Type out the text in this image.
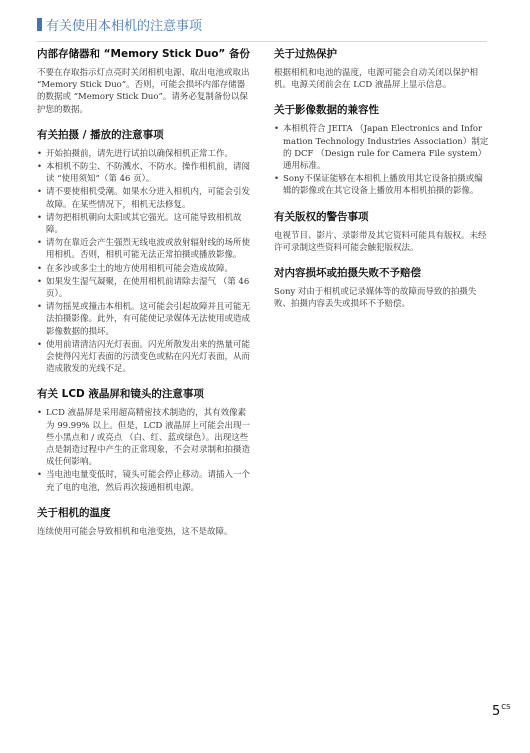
有关使用本相机的注意事项
内部存储器和 “Memory Stick Duo” 备份

不要在存取指示灯点亮时关闭相机电源、取出电池或取出 “Memory Stick Duo”。否则，可能会损坏内部存储器的数据或 “Memory Stick Duo”。请务必复制备份以保护您的数据。

有关拍摄 / 播放的注意事项
• 开始拍摄前，请先进行试拍以确保相机正常工作。
• 本相机不防尘、不防溅水、不防水。操作相机前，请阅读 “使用须知”（第 46 页）。
• 请不要使相机受潮。如果水分进入相机内，可能会引发故障。在某些情况下，相机无法修复。
• 请勿把相机朝向太阳或其它强光。这可能导致相机故障。
• 请勿在靠近会产生强烈无线电波或放射辐射线的场所使用相机。否则，相机可能无法正常拍摄或播放影像。
• 在多沙或多尘土的地方使用相机可能会造成故障。
• 如果发生湿气凝聚，在使用相机前请除去湿气 （第 46 页）。
• 请勿摇晃或撞击本相机。这可能会引起故障并且可能无法拍摄影像。此外，有可能使记录媒体无法使用或造成影像数据的损坏。
• 使用前请清洁闪光灯表面。闪光所散发出来的热量可能会使得闪光灯表面的污渍变色或粘在闪光灯表面，从而造成散发的光线不足。
有关 LCD 液晶屏和镜头的注意事项
• LCD 液晶屏是采用超高精密技术制造的，其有效像素为 99.99% 以上。但是，LCD 液晶屏上可能会出现一些小黑点和 / 或亮点 （白、红、蓝或绿色）。出现这些点是制造过程中产生的正常现象，不会对录制和拍摄造成任何影响。
• 当电池电量变低时，镜头可能会停止移动。请插入一个充了电的电池，然后再次接通相机电源。
关于相机的温度

连续使用可能会导致相机和电池变热，这不是故障。

关于过热保护

根据相机和电池的温度，电源可能会自动关闭以保护相机。电源关闭前会在 LCD 液晶屏上显示信息。

关于影像数据的兼容性
• 本相机符合 JEITA （Japan Electronics and Information Technology Industries Association）制定的 DCF （Design rule for Camera File system）通用标准。
• Sony不保证能够在本相机上播放用其它设备拍摄或编辑的影像或在其它设备上播放用本相机拍摄的影像。
有关版权的警告事项

电视节目、影片、录影带及其它资料可能具有版权。未经许可录制这些资料可能会触犯版权法。

对内容损坏或拍摄失败不予赔偿

Sony 对由于相机或记录媒体等的故障而导致的拍摄失败、拍摄内容丢失或损坏不予赔偿。

$5^{CS}$
